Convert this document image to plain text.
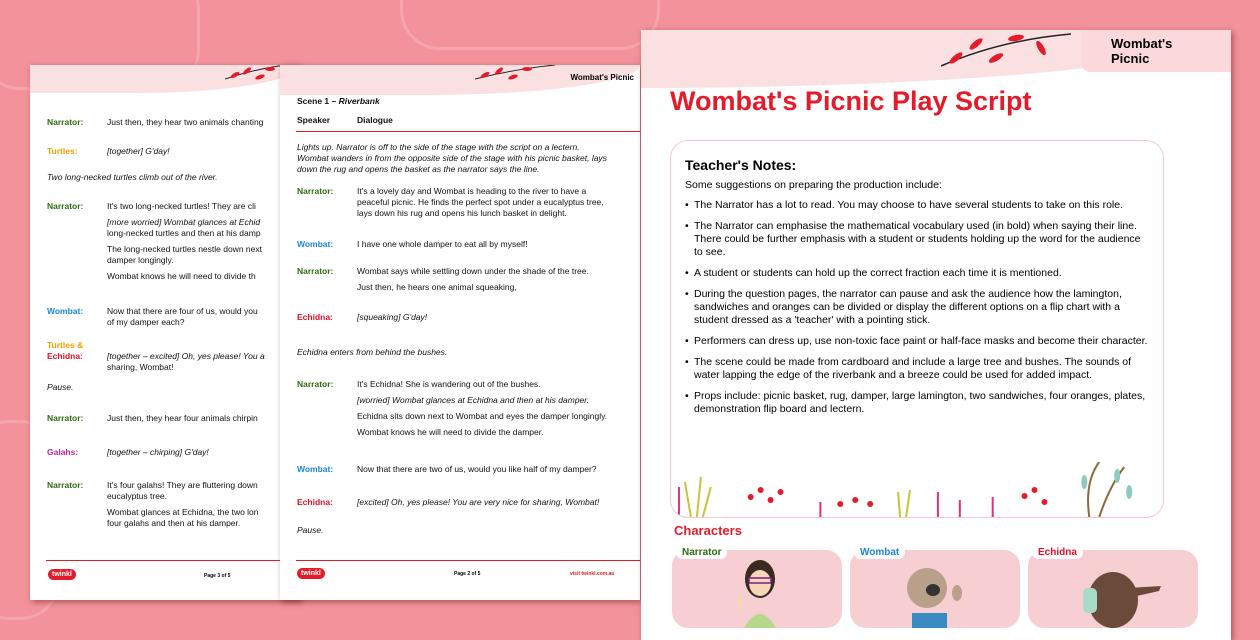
Narrator:	Just then, they hear two animals chanting
Turtles:	[together] G'day!
Two long-necked turtles climb out of the river.
Narrator:	It's two long-necked turtles! They are cli
[more worried] Wombat glances at Echid
long-necked turtles and then at his damp
The long-necked turtles nestle down next
damper longingly.
Wombat knows he will need to divide th
Wombat:	Now that there are four of us, would you
of my damper each?
Turtles &
Echidna:	[together – excited] Oh, yes please! You a
sharing, Wombat!
Pause.
Narrator:	Just then, they hear four animals chirpin
Galahs:	[together – chirping] G'day!
Narrator:	It's four galahs! They are fluttering down
eucalyptus tree.
Wombat glances at Echidna, the two lon
four galahs and then at his damper.
twinkl	Page 3 of 5
Wombat's Picnic
Scene 1 – Riverbank
Speaker	Dialogue
Lights up. Narrator is off to the side of the stage with the script on a lectern.
Wombat wanders in from the opposite side of the stage with his picnic basket, lays
down the rug and opens the basket as the narrator says the line.
Narrator:	It's a lovely day and Wombat is heading to the river to have a
peaceful picnic. He finds the perfect spot under a eucalyptus tree,
lays down his rug and opens his lunch basket in delight.
Wombat:	I have one whole damper to eat all by myself!
Narrator:	Wombat says while settling down under the shade of the tree.
Just then, he hears one animal squeaking,
Echidna:	[squeaking] G'day!
Echidna enters from behind the bushes.
Narrator:	It's Echidna! She is wandering out of the bushes.
[worried] Wombat glances at Echidna and then at his damper.
Echidna sits down next to Wombat and eyes the damper longingly.
Wombat knows he will need to divide the damper.
Wombat:	Now that there are two of us, would you like half of my damper?
Echidna:	[excited] Oh, yes please! You are very nice for sharing, Wombat!
Pause.
twinkl	Page 2 of 5	visit twinkl.com.au
Wombat's Picnic
Wombat's Picnic Play Script
Teacher's Notes:

Some suggestions on preparing the production include:

• The Narrator has a lot to read. You may choose to have several students to take on this role.
• The Narrator can emphasise the mathematical vocabulary used (in bold) when saying their line. There could be further emphasis with a student or students holding up the word for the audience to see.
• A student or students can hold up the correct fraction each time it is mentioned.
• During the question pages, the narrator can pause and ask the audience how the lamington, sandwiches and oranges can be divided or display the different options on a flip chart with a student dressed as a 'teacher' with a pointing stick.
• Performers can dress up, use non-toxic face paint or half-face masks and become their character.
• The scene could be made from cardboard and include a large tree and bushes. The sounds of water lapping the edge of the riverbank and a breeze could be used for added impact.
• Props include: picnic basket, rug, damper, large lamington, two sandwiches, four oranges, plates, demonstration flip board and lectern.
Characters
Narrator	Wombat	Echidna
